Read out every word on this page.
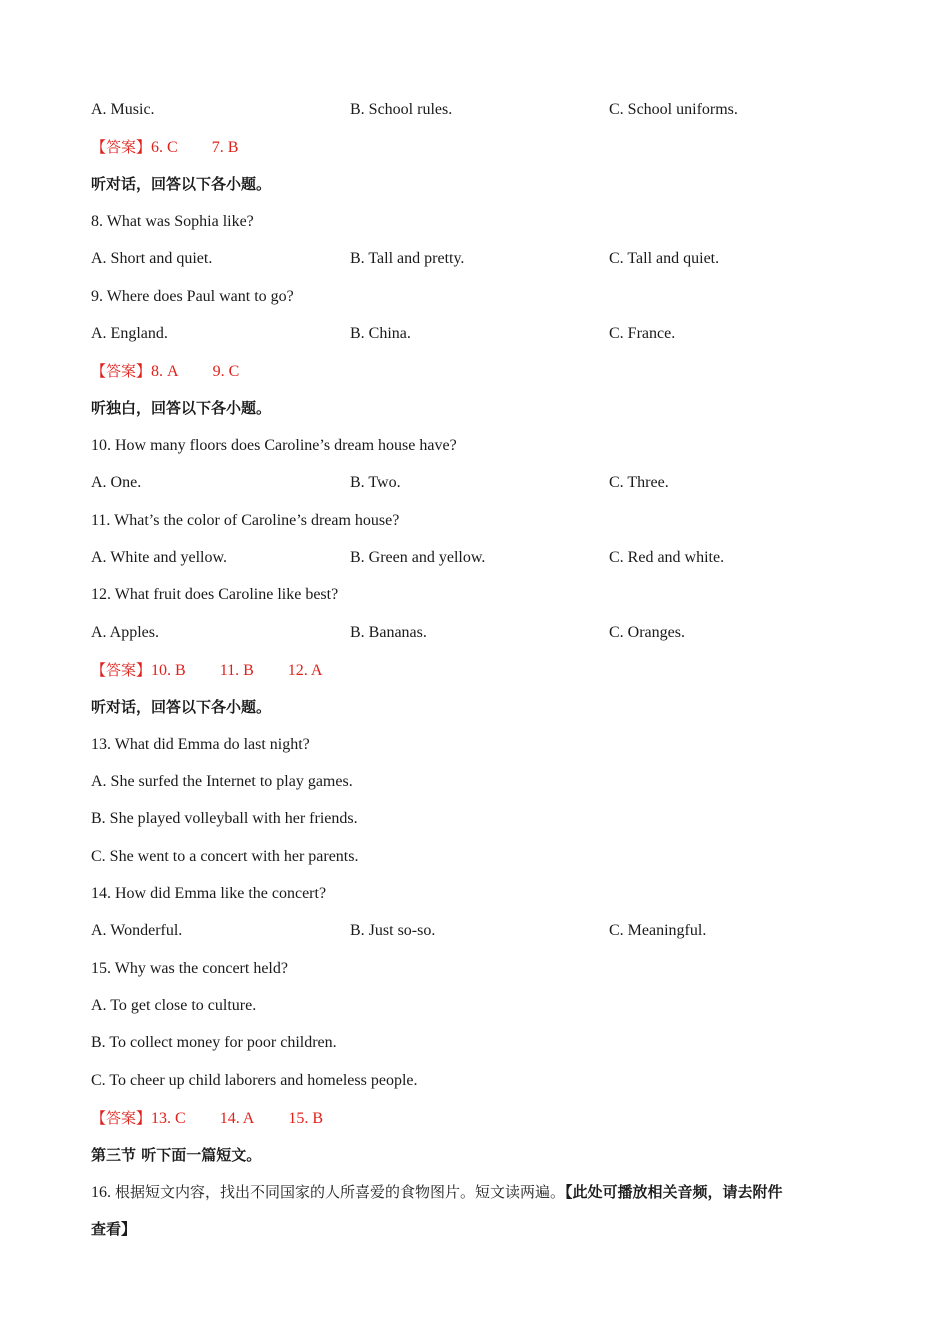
A. Music.	B. School rules.	C. School uniforms.
【答案】6. C 7. B
听对话，回答以下各小题。
8. What was Sophia like?
A. Short and quiet.	B. Tall and pretty.	C. Tall and quiet.
9. Where does Paul want to go?
A. England.	B. China.	C. France.
【答案】8. A 9. C
听独白，回答以下各小题。
10. How many floors does Caroline’s dream house have?
A. One.	B. Two.	C. Three.
11. What’s the color of Caroline’s dream house?
A. White and yellow.	B. Green and yellow.	C. Red and white.
12. What fruit does Caroline like best?
A. Apples.	B. Bananas.	C. Oranges.
【答案】10. B 11. B 12. A
听对话，回答以下各小题。
13. What did Emma do last night?
A. She surfed the Internet to play games.
B. She played volleyball with her friends.
C. She went to a concert with her parents.
14. How did Emma like the concert?
A. Wonderful.	B. Just so-so.	C. Meaningful.
15. Why was the concert held?
A. To get close to culture.
B. To collect money for poor children.
C. To cheer up child laborers and homeless people.
【答案】13. C 14. A 15. B
第三节 听下面一篇短文。
16. 根据短文内容，找出不同国家的人所喜爱的食物图片。短文读两遍。【此处可播放相关音频，请去附件
查看】
